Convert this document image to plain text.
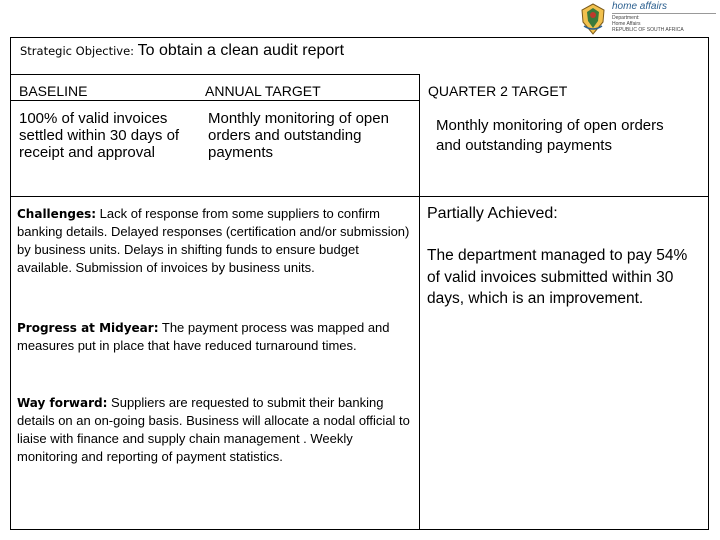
home affairs
Department:
Home Affairs
REPUBLIC OF SOUTH AFRICA
Strategic Objective: To obtain a clean audit report
BASELINE	ANNUAL TARGET	QUARTER 2 TARGET
100% of valid invoices settled within 30 days of receipt and approval
Monthly monitoring of open orders and outstanding payments
Monthly monitoring of open orders and outstanding payments
Challenges: Lack of response from some suppliers to confirm banking details. Delayed responses (certification and/or submission) by business units. Delays in shifting funds to ensure budget available. Submission of invoices by business units.
Progress at Midyear: The payment process was mapped and measures put in place that have reduced turnaround times.
Way forward: Suppliers are requested to submit their banking details on an on-going basis. Business will allocate a nodal official to liaise with finance and supply chain management . Weekly monitoring and reporting of payment statistics.
Partially Achieved:
The department managed to pay 54% of valid invoices submitted within 30 days, which is an improvement.
